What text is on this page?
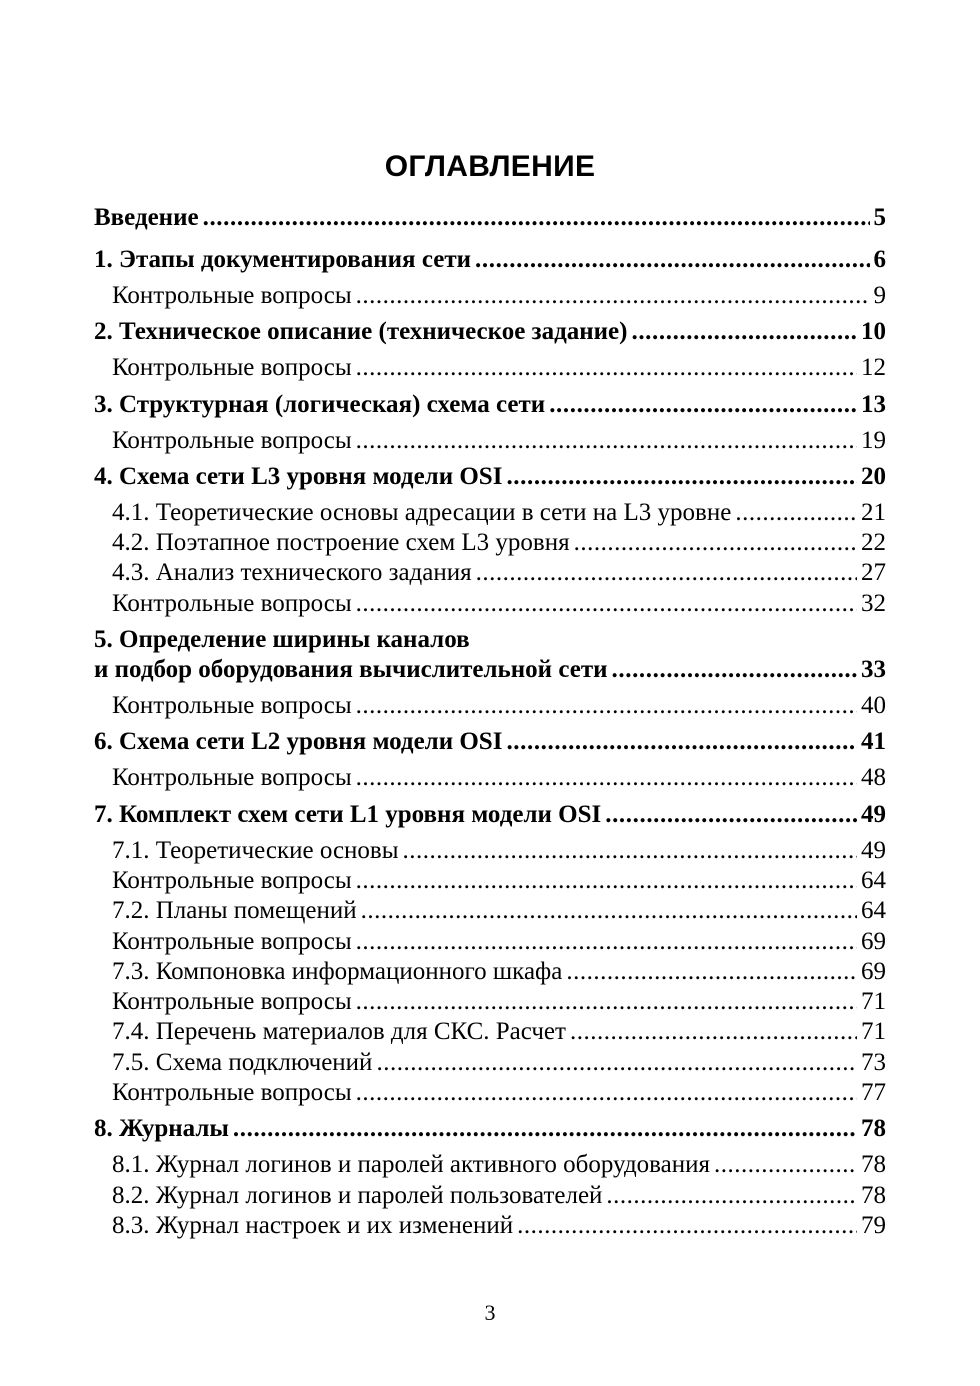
ОГЛАВЛЕНИЕ
Введение .....	5
1. Этапы документирования сети .....	6
Контрольные вопросы .....	9
2. Техническое описание (техническое задание) .....	10
Контрольные вопросы .....	12
3. Структурная (логическая) схема сети .....	13
Контрольные вопросы .....	19
4. Схема сети L3 уровня модели OSI .....	20
4.1. Теоретические основы адресации в сети на L3 уровне .....	21
4.2. Поэтапное построение схем L3 уровня .....	22
4.3. Анализ технического задания .....	27
Контрольные вопросы .....	32
5. Определение ширины каналов
и подбор оборудования вычислительной сети .....	33
Контрольные вопросы .....	40
6. Схема сети L2 уровня модели OSI .....	41
Контрольные вопросы .....	48
7. Комплект схем сети L1 уровня модели OSI .....	49
7.1. Теоретические основы .....	49
Контрольные вопросы .....	64
7.2. Планы помещений .....	64
Контрольные вопросы .....	69
7.3. Компоновка информационного шкафа .....	69
Контрольные вопросы .....	71
7.4. Перечень материалов для СКС. Расчет .....	71
7.5. Схема подключений .....	73
Контрольные вопросы .....	77
8. Журналы .....	78
8.1. Журнал логинов и паролей активного оборудования .....	78
8.2. Журнал логинов и паролей пользователей .....	78
8.3. Журнал настроек и их изменений .....	79
3
